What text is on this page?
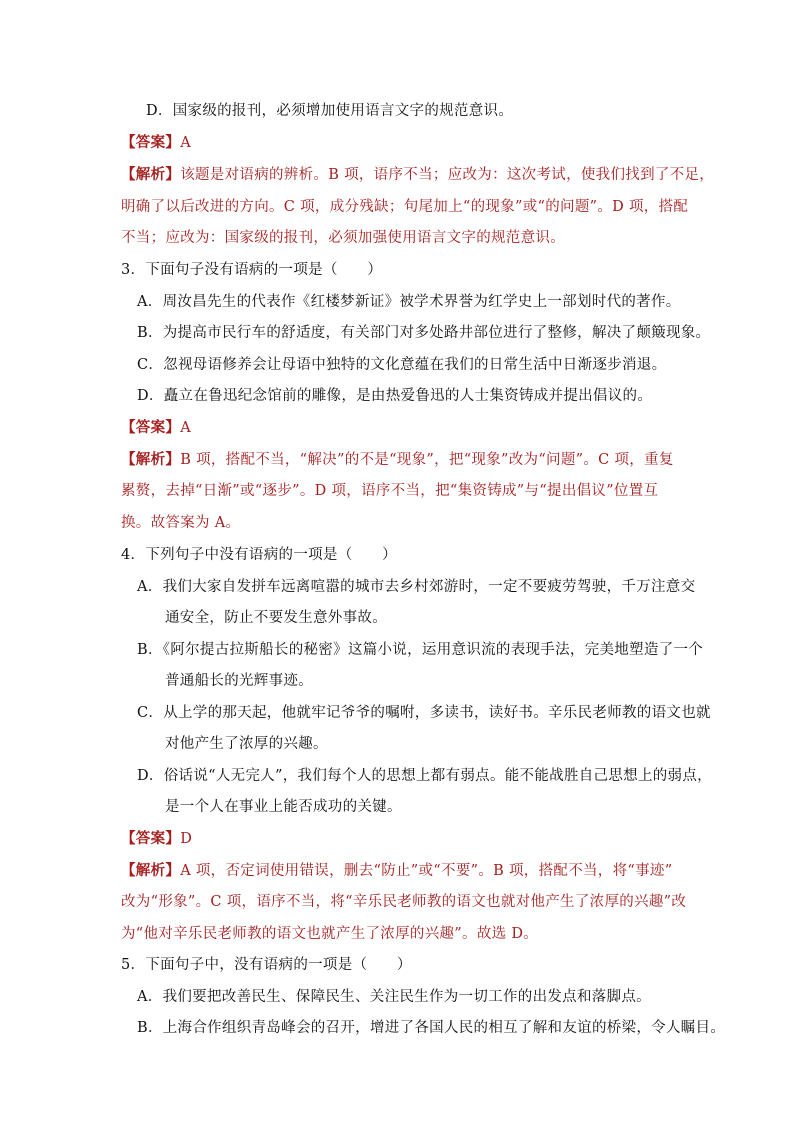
D．国家级的报刊，必须增加使用语言文字的规范意识。
【答案】A
【解析】该题是对语病的辨析。B 项，语序不当；应改为：这次考试，使我们找到了不足，
明确了以后改进的方向。C 项，成分残缺；句尾加上“的现象”或“的问题”。D 项，搭配
不当；应改为：国家级的报刊，必须加强使用语言文字的规范意识。
3．下面句子没有语病的一项是（　　）
A．周汝昌先生的代表作《红楼梦新证》被学术界誉为红学史上一部划时代的著作。
B．为提高市民行车的舒适度，有关部门对多处路井部位进行了整修，解决了颠簸现象。
C．忽视母语修养会让母语中独特的文化意蕴在我们的日常生活中日渐逐步消退。
D．矗立在鲁迅纪念馆前的雕像，是由热爱鲁迅的人士集资铸成并提出倡议的。
【答案】A
【解析】B 项，搭配不当，“解决”的不是“现象”，把“现象”改为“问题”。C 项，重复
累赘，去掉“日渐”或“逐步”。D 项，语序不当，把“集资铸成”与“提出倡议”位置互
换。故答案为 A。
4．下列句子中没有语病的一项是（　　）
A．我们大家自发拼车远离喧嚣的城市去乡村郊游时，一定不要疲劳驾驶，千万注意交
通安全，防止不要发生意外事故。
B．《阿尔提古拉斯船长的秘密》这篇小说，运用意识流的表现手法，完美地塑造了一个
普通船长的光辉事迹。
C．从上学的那天起，他就牢记爷爷的嘱咐，多读书，读好书。辛乐民老师教的语文也就
对他产生了浓厚的兴趣。
D．俗话说“人无完人”，我们每个人的思想上都有弱点。能不能战胜自己思想上的弱点，
是一个人在事业上能否成功的关键。
【答案】D
【解析】A 项，否定词使用错误，删去“防止”或“不要”。B 项，搭配不当，将“事迹”
改为“形象”。C 项，语序不当，将“辛乐民老师教的语文也就对他产生了浓厚的兴趣”改
为“他对辛乐民老师教的语文也就产生了浓厚的兴趣”。故选 D。
5．下面句子中，没有语病的一项是（　　）
A．我们要把改善民生、保障民生、关注民生作为一切工作的出发点和落脚点。
B．上海合作组织青岛峰会的召开，增进了各国人民的相互了解和友谊的桥梁，令人瞩目。
